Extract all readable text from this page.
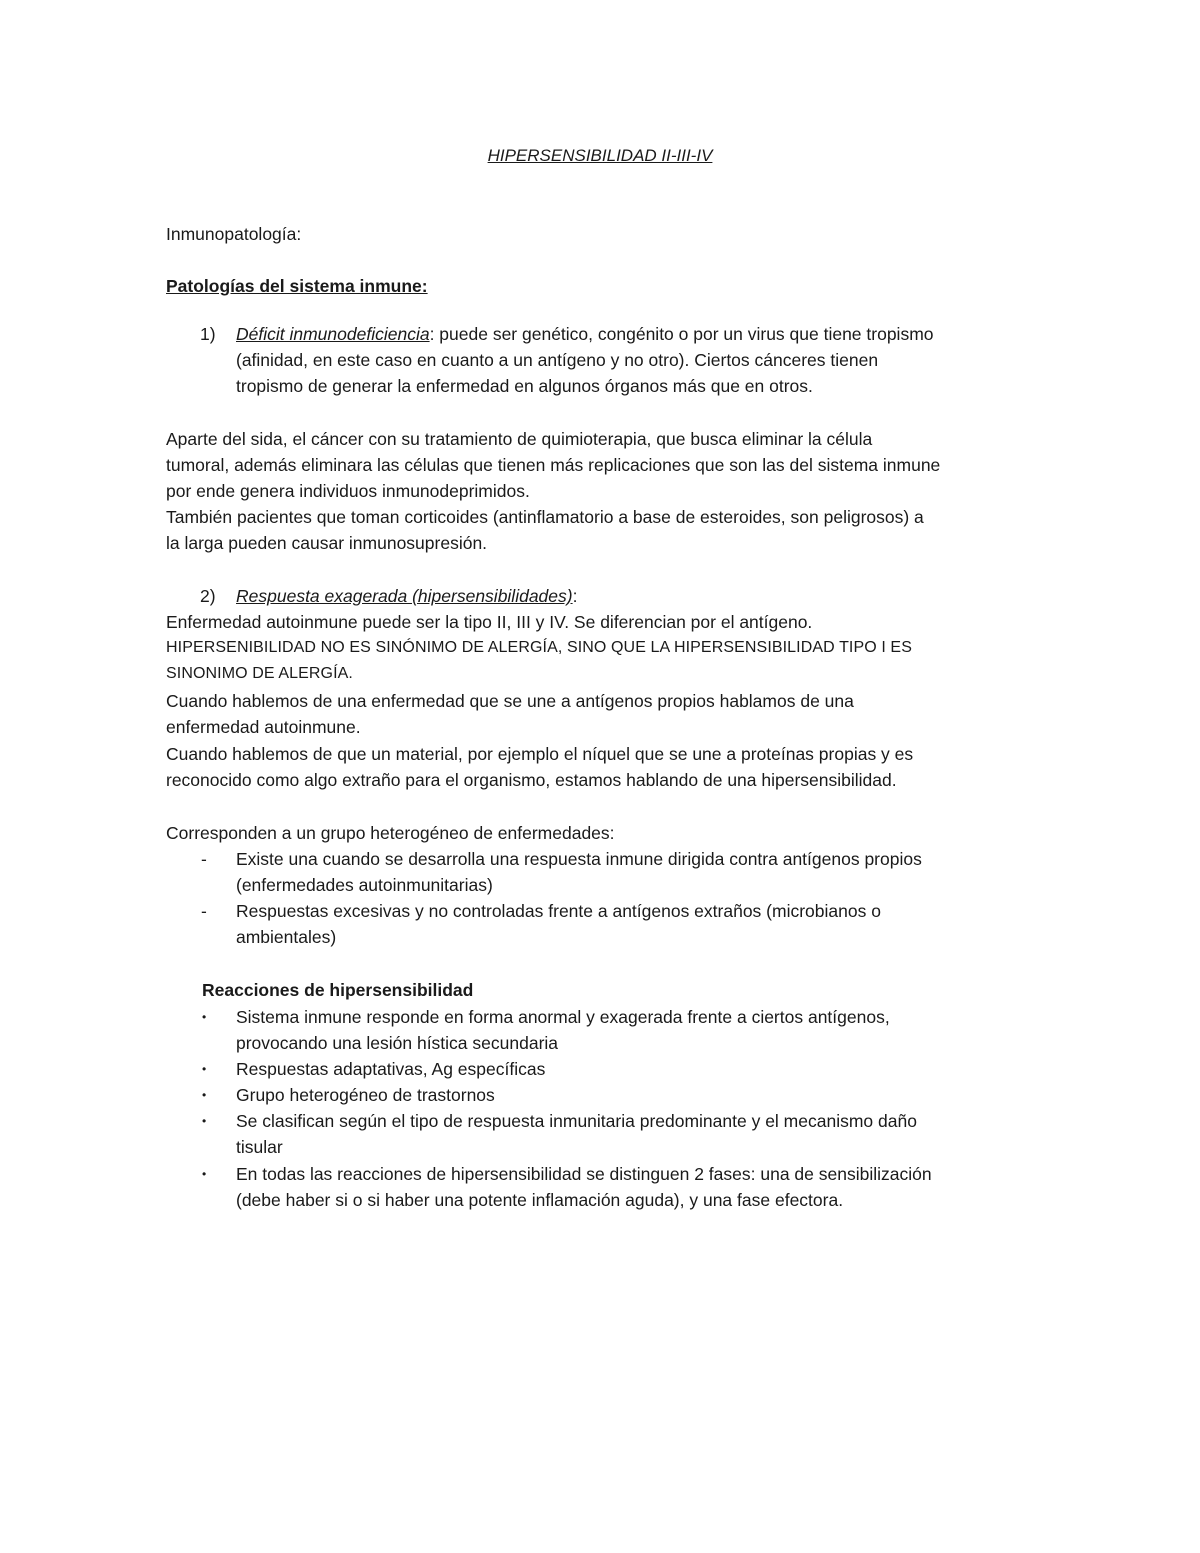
HIPERSENSIBILIDAD II-III-IV
Inmunopatología:
Patologías del sistema inmune:
1) Déficit inmunodeficiencia: puede ser genético, congénito o por un virus que tiene tropismo
(afinidad, en este caso en cuanto a un antígeno y no otro). Ciertos cánceres tienen
tropismo de generar la enfermedad en algunos órganos más que en otros.
Aparte del sida, el cáncer con su tratamiento de quimioterapia, que busca eliminar la célula
tumoral, además eliminara las células que tienen más replicaciones que son las del sistema inmune
por ende genera individuos inmunodeprimidos.
También pacientes que toman corticoides (antinflamatorio a base de esteroides, son peligrosos) a
la larga pueden causar inmunosupresión.
2) Respuesta exagerada (hipersensibilidades):
Enfermedad autoinmune puede ser la tipo II, III y IV. Se diferencian por el antígeno.
HIPERSENIBILIDAD NO ES SINÓNIMO DE ALERGÍA, SINO QUE LA HIPERSENSIBILIDAD TIPO I ES
SINONIMO DE ALERGÍA.
Cuando hablemos de una enfermedad que se une a antígenos propios hablamos de una
enfermedad autoinmune.
Cuando hablemos de que un material, por ejemplo el níquel que se une a proteínas propias y es
reconocido como algo extraño para el organismo, estamos hablando de una hipersensibilidad.
Corresponden a un grupo heterogéneo de enfermedades:
- Existe una cuando se desarrolla una respuesta inmune dirigida contra antígenos propios
(enfermedades autoinmunitarias)
- Respuestas excesivas y no controladas frente a antígenos extraños (microbianos o
ambientales)
Reacciones de hipersensibilidad
• Sistema inmune responde en forma anormal y exagerada frente a ciertos antígenos,
provocando una lesión hística secundaria
• Respuestas adaptativas, Ag específicas
• Grupo heterogéneo de trastornos
• Se clasifican según el tipo de respuesta inmunitaria predominante y el mecanismo daño
tisular
• En todas las reacciones de hipersensibilidad se distinguen 2 fases: una de sensibilización
(debe haber si o si haber una potente inflamación aguda), y una fase efectora.
